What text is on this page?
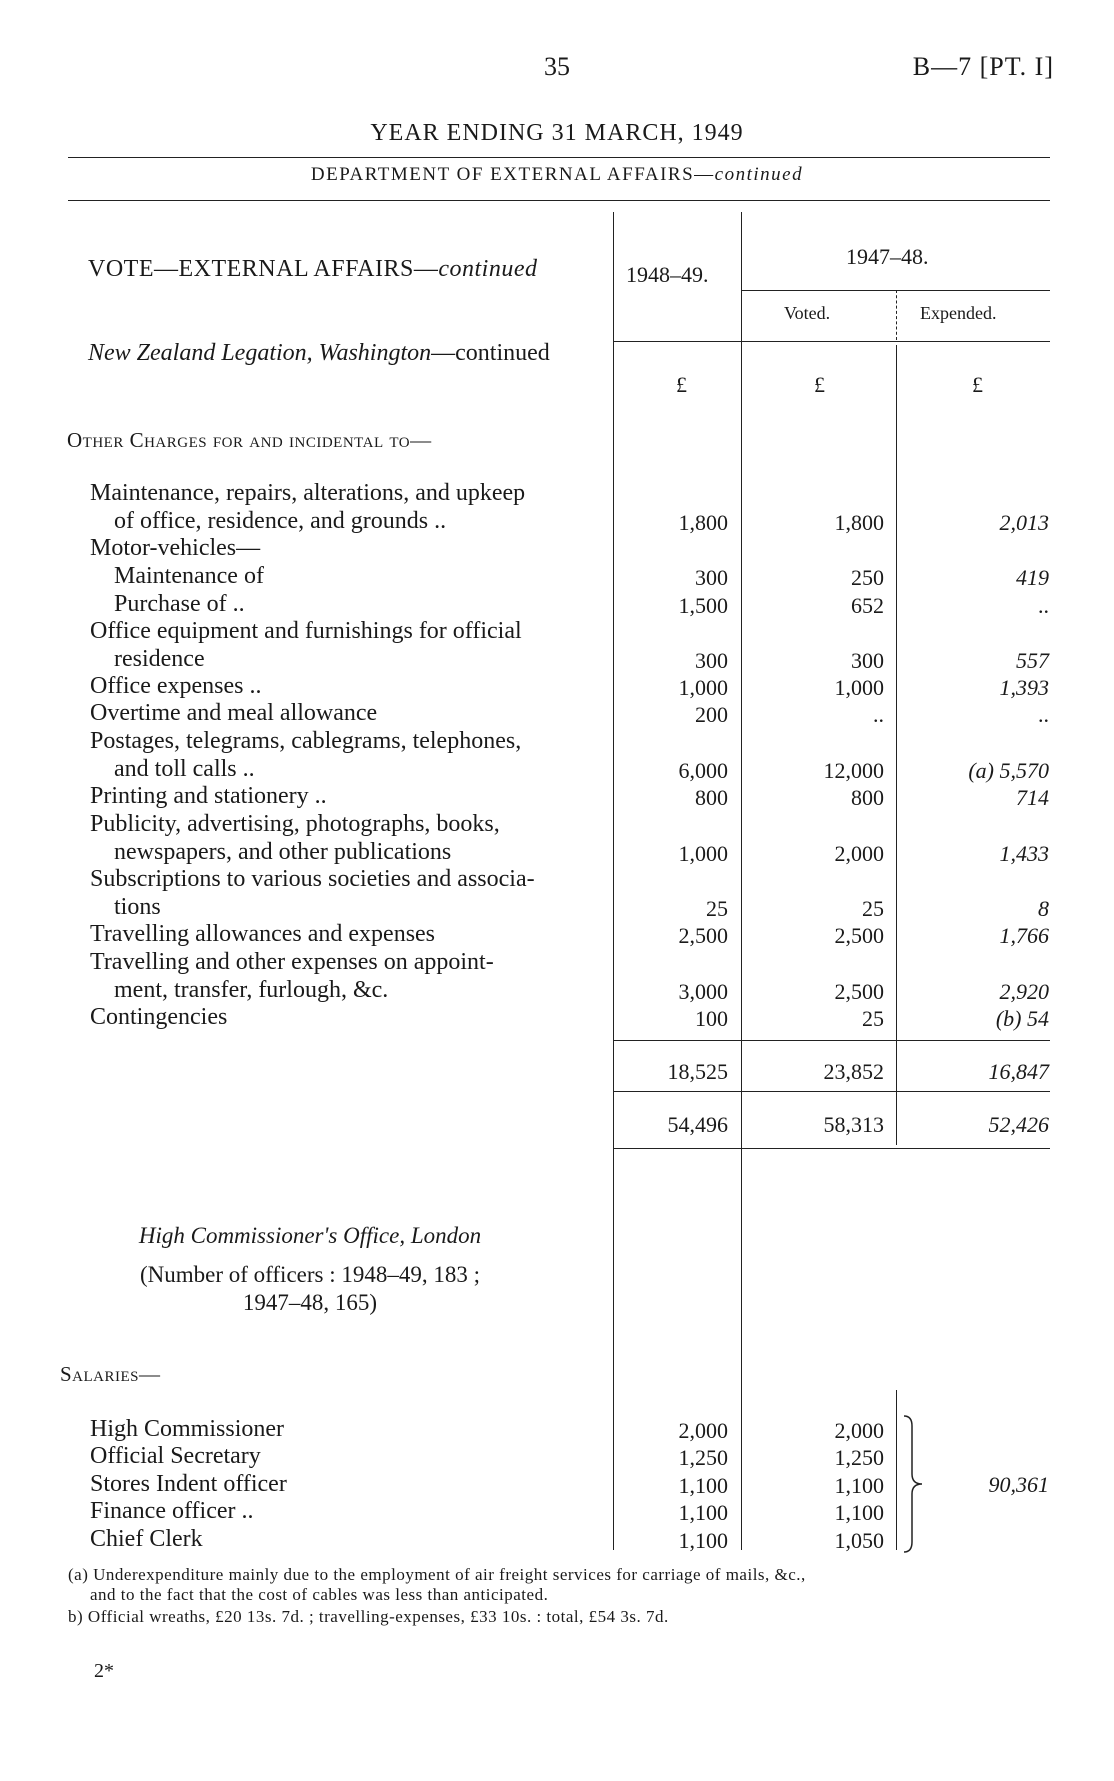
35	B—7 [PT. I]
YEAR ENDING 31 MARCH, 1949
DEPARTMENT OF EXTERNAL AFFAIRS—continued
VOTE—EXTERNAL AFFAIRS—continued	1948–49.
1947–48.
Voted.	Expended.
£	£	£
New Zealand Legation, Washington—continued
Other Charges for and incidental to—
Maintenance, repairs, alterations, and upkeep
of office, residence, and grounds ..	1,800	1,800	2,013
Motor-vehicles—
Maintenance of	300	250	419
Purchase of ..	1,500	652	..
Office equipment and furnishings for official
residence	300	300	557
Office expenses ..	1,000	1,000	1,393
Overtime and meal allowance	200	..	..
Postages, telegrams, cablegrams, telephones,
and toll calls ..	6,000	12,000	(a) 5,570
Printing and stationery ..	800	800	714
Publicity, advertising, photographs, books,
newspapers, and other publications	1,000	2,000	1,433
Subscriptions to various societies and associa-
tions	25	25	8
Travelling allowances and expenses	2,500	2,500	1,766
Travelling and other expenses on appoint-
ment, transfer, furlough, &c.	3,000	2,500	2,920
Contingencies	100	25	(b) 54
18,525	23,852	16,847
54,496	58,313	52,426
High Commissioner's Office, London
(Number of officers : 1948–49, 183 ;
1947–48, 165)
Salaries—
High Commissioner	2,000	2,000
Official Secretary	1,250	1,250
Stores Indent officer	1,100	1,100
Finance officer ..	1,100	1,100
Chief Clerk	1,100	1,050
90,361
(a) Underexpenditure mainly due to the employment of air freight services for carriage of mails, &c.,
and to the fact that the cost of cables was less than anticipated.
b) Official wreaths, £20 13s. 7d. ; travelling-expenses, £33 10s. : total, £54 3s. 7d.
2*
